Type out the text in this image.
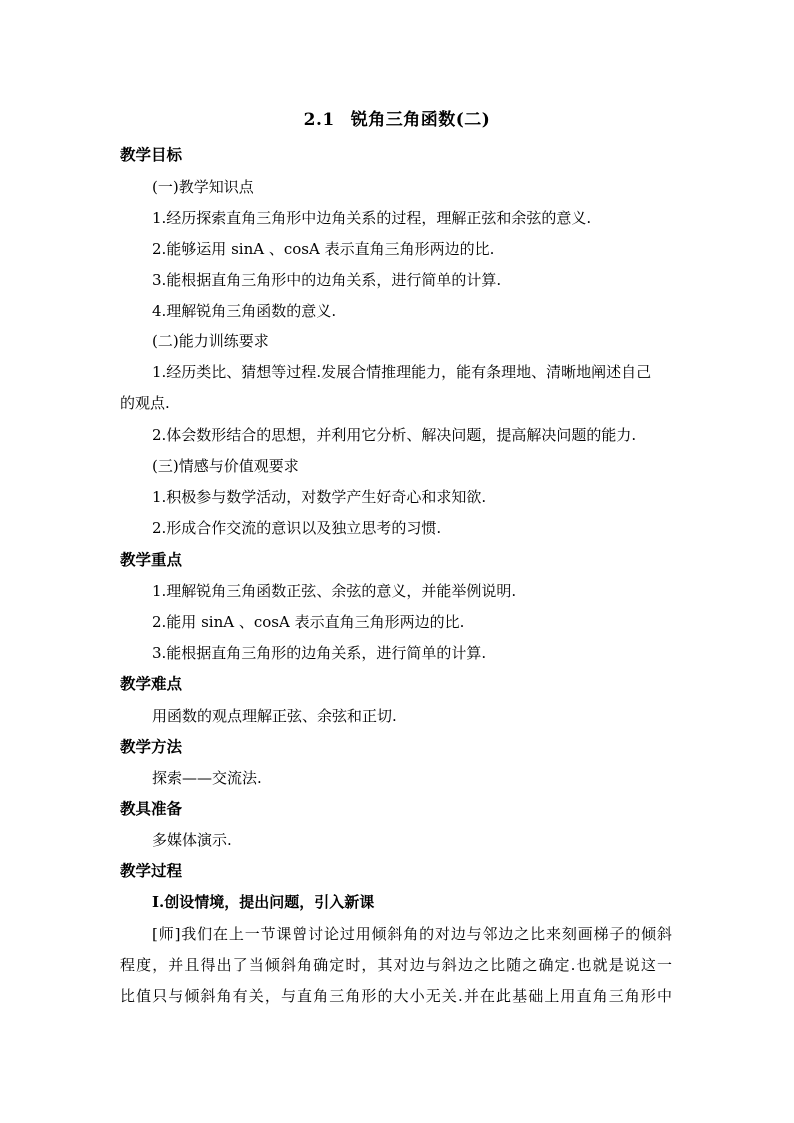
2.1 锐角三角函数(二)
教学目标
(一)教学知识点
1.经历探索直角三角形中边角关系的过程，理解正弦和余弦的意义.
2.能够运用 sinA 、cosA 表示直角三角形两边的比.
3.能根据直角三角形中的边角关系，进行简单的计算.
4.理解锐角三角函数的意义.
(二)能力训练要求
1.经历类比、猜想等过程.发展合情推理能力，能有条理地、清晰地阐述自己
的观点.
2.体会数形结合的思想，并利用它分析、解决问题，提高解决问题的能力.
(三)情感与价值观要求
1.积极参与数学活动，对数学产生好奇心和求知欲.
2.形成合作交流的意识以及独立思考的习惯.
教学重点
1.理解锐角三角函数正弦、余弦的意义，并能举例说明.
2.能用 sinA 、cosA 表示直角三角形两边的比.
3.能根据直角三角形的边角关系，进行简单的计算.
教学难点
用函数的观点理解正弦、余弦和正切.
教学方法
探索——交流法.
教具准备
多媒体演示.
教学过程
Ⅰ.创设情境，提出问题，引入新课
[师]我们在上一节课曾讨论过用倾斜角的对边与邻边之比来刻画梯子的倾斜
程度，并且得出了当倾斜角确定时，其对边与斜边之比随之确定.也就是说这一
比值只与倾斜角有关，与直角三角形的大小无关.并在此基础上用直角三角形中
